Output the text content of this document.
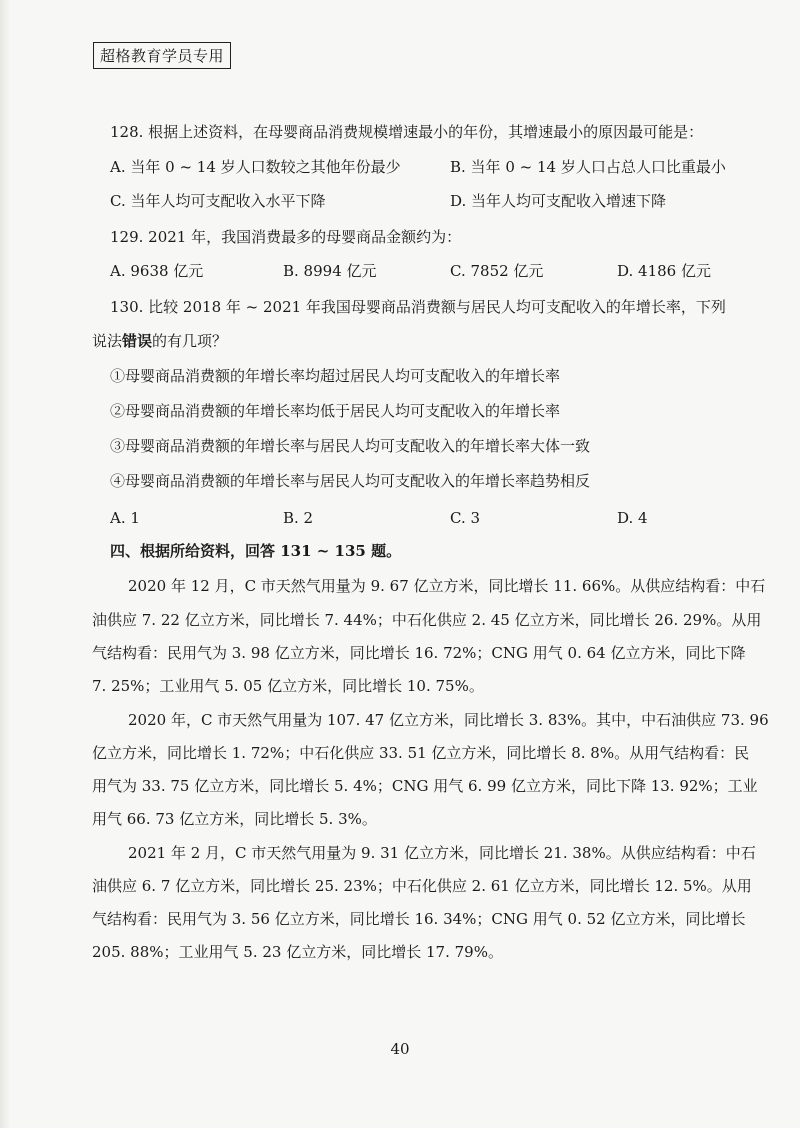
超格教育学员专用
128. 根据上述资料，在母婴商品消费规模增速最小的年份，其增速最小的原因最可能是：
A. 当年 0 ~ 14 岁人口数较之其他年份最少	B. 当年 0 ~ 14 岁人口占总人口比重最小
C. 当年人均可支配收入水平下降	D. 当年人均可支配收入增速下降
129. 2021 年，我国消费最多的母婴商品金额约为：
A. 9638 亿元	B. 8994 亿元	C. 7852 亿元	D. 4186 亿元
130. 比较 2018 年 ~ 2021 年我国母婴商品消费额与居民人均可支配收入的年增长率，下列
说法错误的有几项？
①母婴商品消费额的年增长率均超过居民人均可支配收入的年增长率
②母婴商品消费额的年增长率均低于居民人均可支配收入的年增长率
③母婴商品消费额的年增长率与居民人均可支配收入的年增长率大体一致
④母婴商品消费额的年增长率与居民人均可支配收入的年增长率趋势相反
A. 1	B. 2	C. 3	D. 4
四、根据所给资料，回答 131 ~ 135 题。
2020 年 12 月，C 市天然气用量为 9. 67 亿立方米，同比增长 11. 66%。从供应结构看：中石
油供应 7. 22 亿立方米，同比增长 7. 44%；中石化供应 2. 45 亿立方米，同比增长 26. 29%。从用
气结构看：民用气为 3. 98 亿立方米，同比增长 16. 72%；CNG 用气 0. 64 亿立方米，同比下降
7. 25%；工业用气 5. 05 亿立方米，同比增长 10. 75%。
2020 年，C 市天然气用量为 107. 47 亿立方米，同比增长 3. 83%。其中，中石油供应 73. 96
亿立方米，同比增长 1. 72%；中石化供应 33. 51 亿立方米，同比增长 8. 8%。从用气结构看：民
用气为 33. 75 亿立方米，同比增长 5. 4%；CNG 用气 6. 99 亿立方米，同比下降 13. 92%；工业
用气 66. 73 亿立方米，同比增长 5. 3%。
2021 年 2 月，C 市天然气用量为 9. 31 亿立方米，同比增长 21. 38%。从供应结构看：中石
油供应 6. 7 亿立方米，同比增长 25. 23%；中石化供应 2. 61 亿立方米，同比增长 12. 5%。从用
气结构看：民用气为 3. 56 亿立方米，同比增长 16. 34%；CNG 用气 0. 52 亿立方米，同比增长
205. 88%；工业用气 5. 23 亿立方米，同比增长 17. 79%。
40
